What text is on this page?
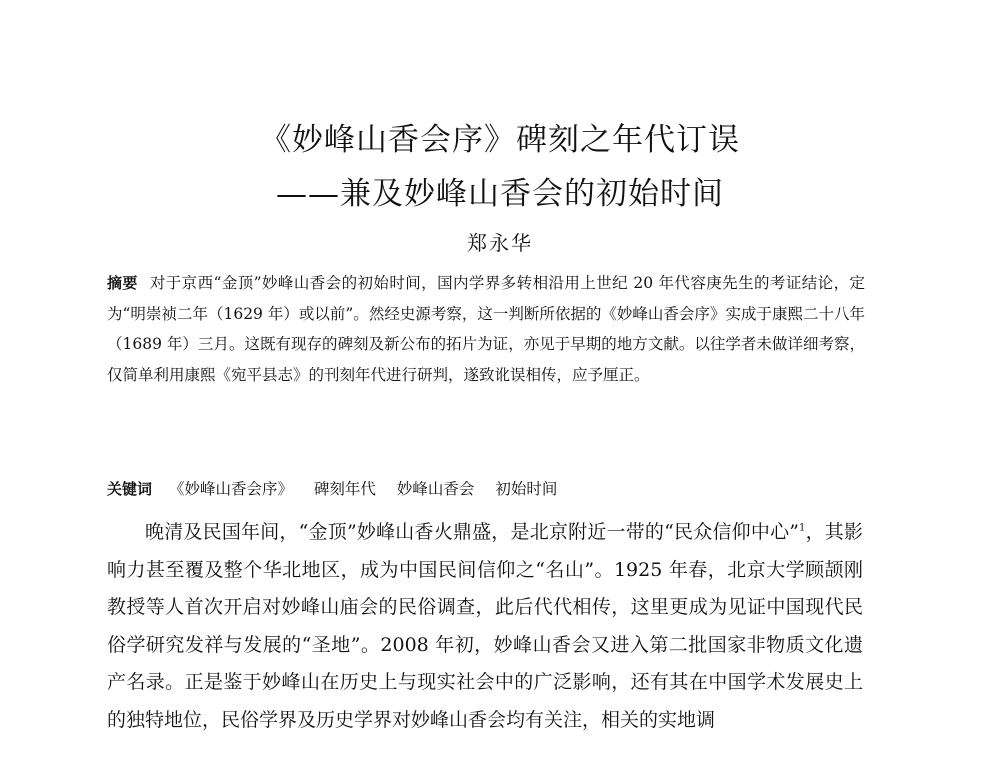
《妙峰山香会序》碑刻之年代订误
——兼及妙峰山香会的初始时间
郑永华
摘要 对于京西“金顶”妙峰山香会的初始时间，国内学界多转相沿用上世纪 20 年代容庚先生的考证结论，定为“明崇祯二年（1629 年）或以前”。然经史源考察，这一判断所依据的《妙峰山香会序》实成于康熙二十八年（1689 年）三月。这既有现存的碑刻及新公布的拓片为证，亦见于早期的地方文献。以往学者未做详细考察，仅简单利用康熙《宛平县志》的刊刻年代进行研判，遂致讹误相传，应予厘正。
关键词 《妙峰山香会序》 碑刻年代 妙峰山香会 初始时间

晚清及民国年间，“金顶”妙峰山香火鼎盛，是北京附近一带的“民众信仰中心”$^1$，其影响力甚至覆及整个华北地区，成为中国民间信仰之“名山”。1925 年春，北京大学顾颉刚教授等人首次开启对妙峰山庙会的民俗调查，此后代代相传，这里更成为见证中国现代民俗学研究发祥与发展的“圣地”。2008 年初，妙峰山香会又进入第二批国家非物质文化遗产名录。正是鉴于妙峰山在历史上与现实社会中的广泛影响，还有其在中国学术发展史上的独特地位，民俗学界及历史学界对妙峰山香会均有关注，相关的实地调
